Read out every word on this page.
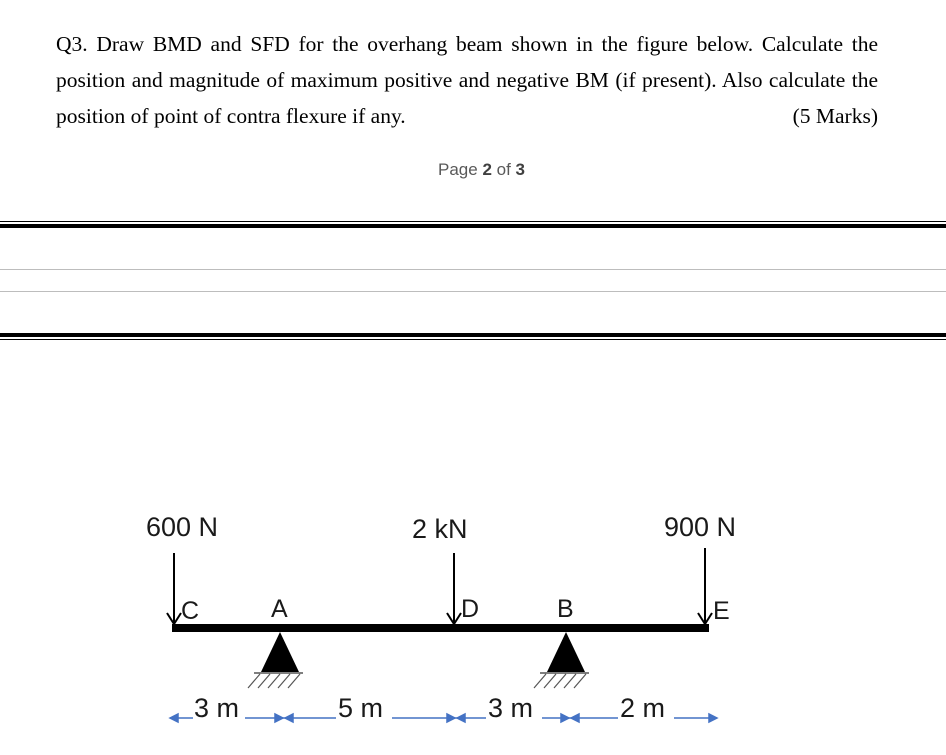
Q3. Draw BMD and SFD for the overhang beam shown in the figure below. Calculate the
position and magnitude of maximum positive and negative BM (if present). Also calculate the
position of point of contra flexure if any.	(5 Marks)
Page 2 of 3
600 N	2 kN	900 N
C	A	D	B	E
3 m	5 m	3 m	2 m
